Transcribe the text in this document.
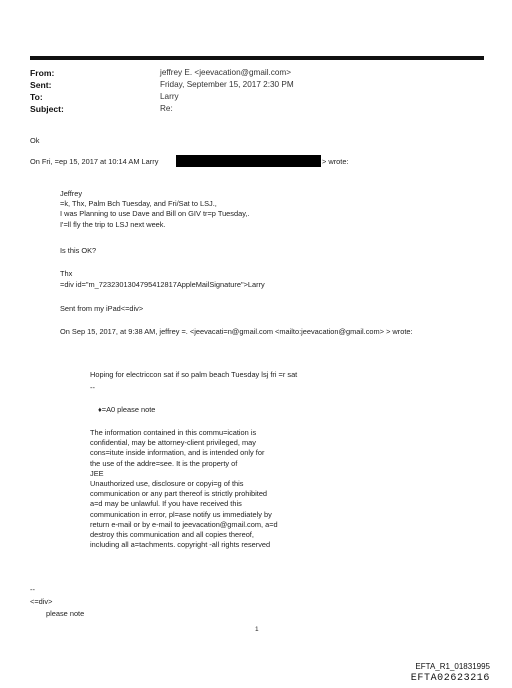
From:	jeffrey E. <jeevacation@gmail.com>
Sent:	Friday, September 15, 2017 2:30 PM
To:	Larry
Subject:	Re:
Ok
On Fri, =ep 15, 2017 at 10:14 AM Larry	> wrote:
Jeffrey
=k, Thx, Palm Bch Tuesday, and Fri/Sat to LSJ.,
I was Planning to use Dave and Bill on GIV tr=p Tuesday,.
I'=ll fly the trip to LSJ next week.
Is this OK?
Thx
=div id="m_7232301304795412817AppleMailSignature">Larry
Sent from my iPad<=div>
On Sep 15, 2017, at 9:38 AM, jeffrey =. <jeevacati=n@gmail.com <mailto:jeevacation@gmail.com> > wrote:
Hoping for electriccon sat if so palm beach Tuesday lsj fri =r sat
--
♦=A0 please note
The information contained in this commu=ication is
confidential, may be attorney-client privileged, may
cons=itute inside information, and is intended only for
the use of the addre=see. It is the property of
JEE
Unauthorized use, disclosure or copyi=g of this
communication or any part thereof is strictly prohibited
a=d may be unlawful. If you have received this
communication in error, pl=ase notify us immediately by
return e-mail or by e-mail to jeevacation@gmail.com, a=d
destroy this communication and all copies thereof,
including all a=tachments. copyright -all rights reserved
--
<=div>
please note
1
EFTA_R1_01831995
EFTA02623216
